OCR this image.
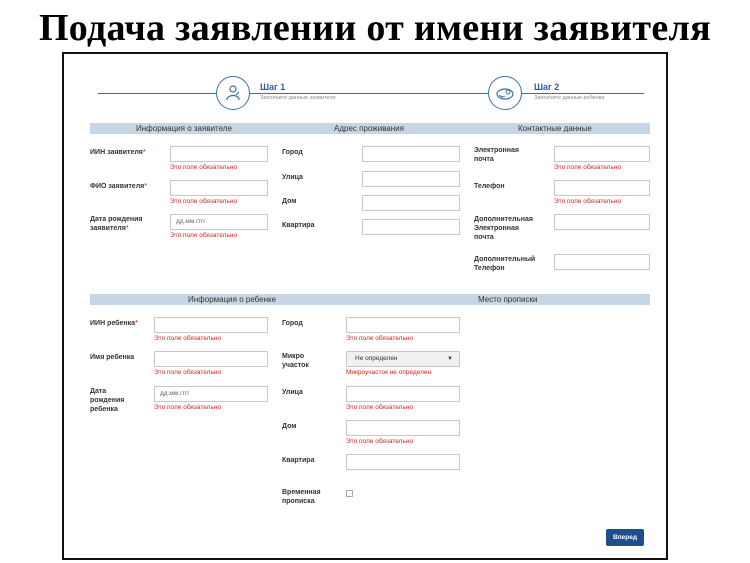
Подача заявлении от имени заявителя
Шаг 1
Заполните данные заявителя
Шаг 2
Заполните данные ребенка
Информация о заявителе	Адрес проживания	Контактные данные
ИИН заявителя*
Это поле обязательно
ФИО заявителя*
Это поле обязательно
Дата рождения
заявителя*
дд.мм.гггг
Это поле обязательно
Город
Улица
Дом
Квартира
Электронная
почта
Это поле обязательно
Телефон
Это поле обязательно
Дополнительная
Электронная
почта
Дополнительный
Телефон
Информация о ребенке	Место прописки
ИИН ребенка*
Это поле обязательно
Имя ребенка
Это поле обязательно
Дата
рождения
ребенка
дд.мм.гггг
Это поле обязательно
Город
Это поле обязательно
Микро
участок
Не определен	▼
Микроучасток не определен
Улица
Это поле обязательно
Дом
Это поле обязательно
Квартира
Временная
прописка
Вперед
